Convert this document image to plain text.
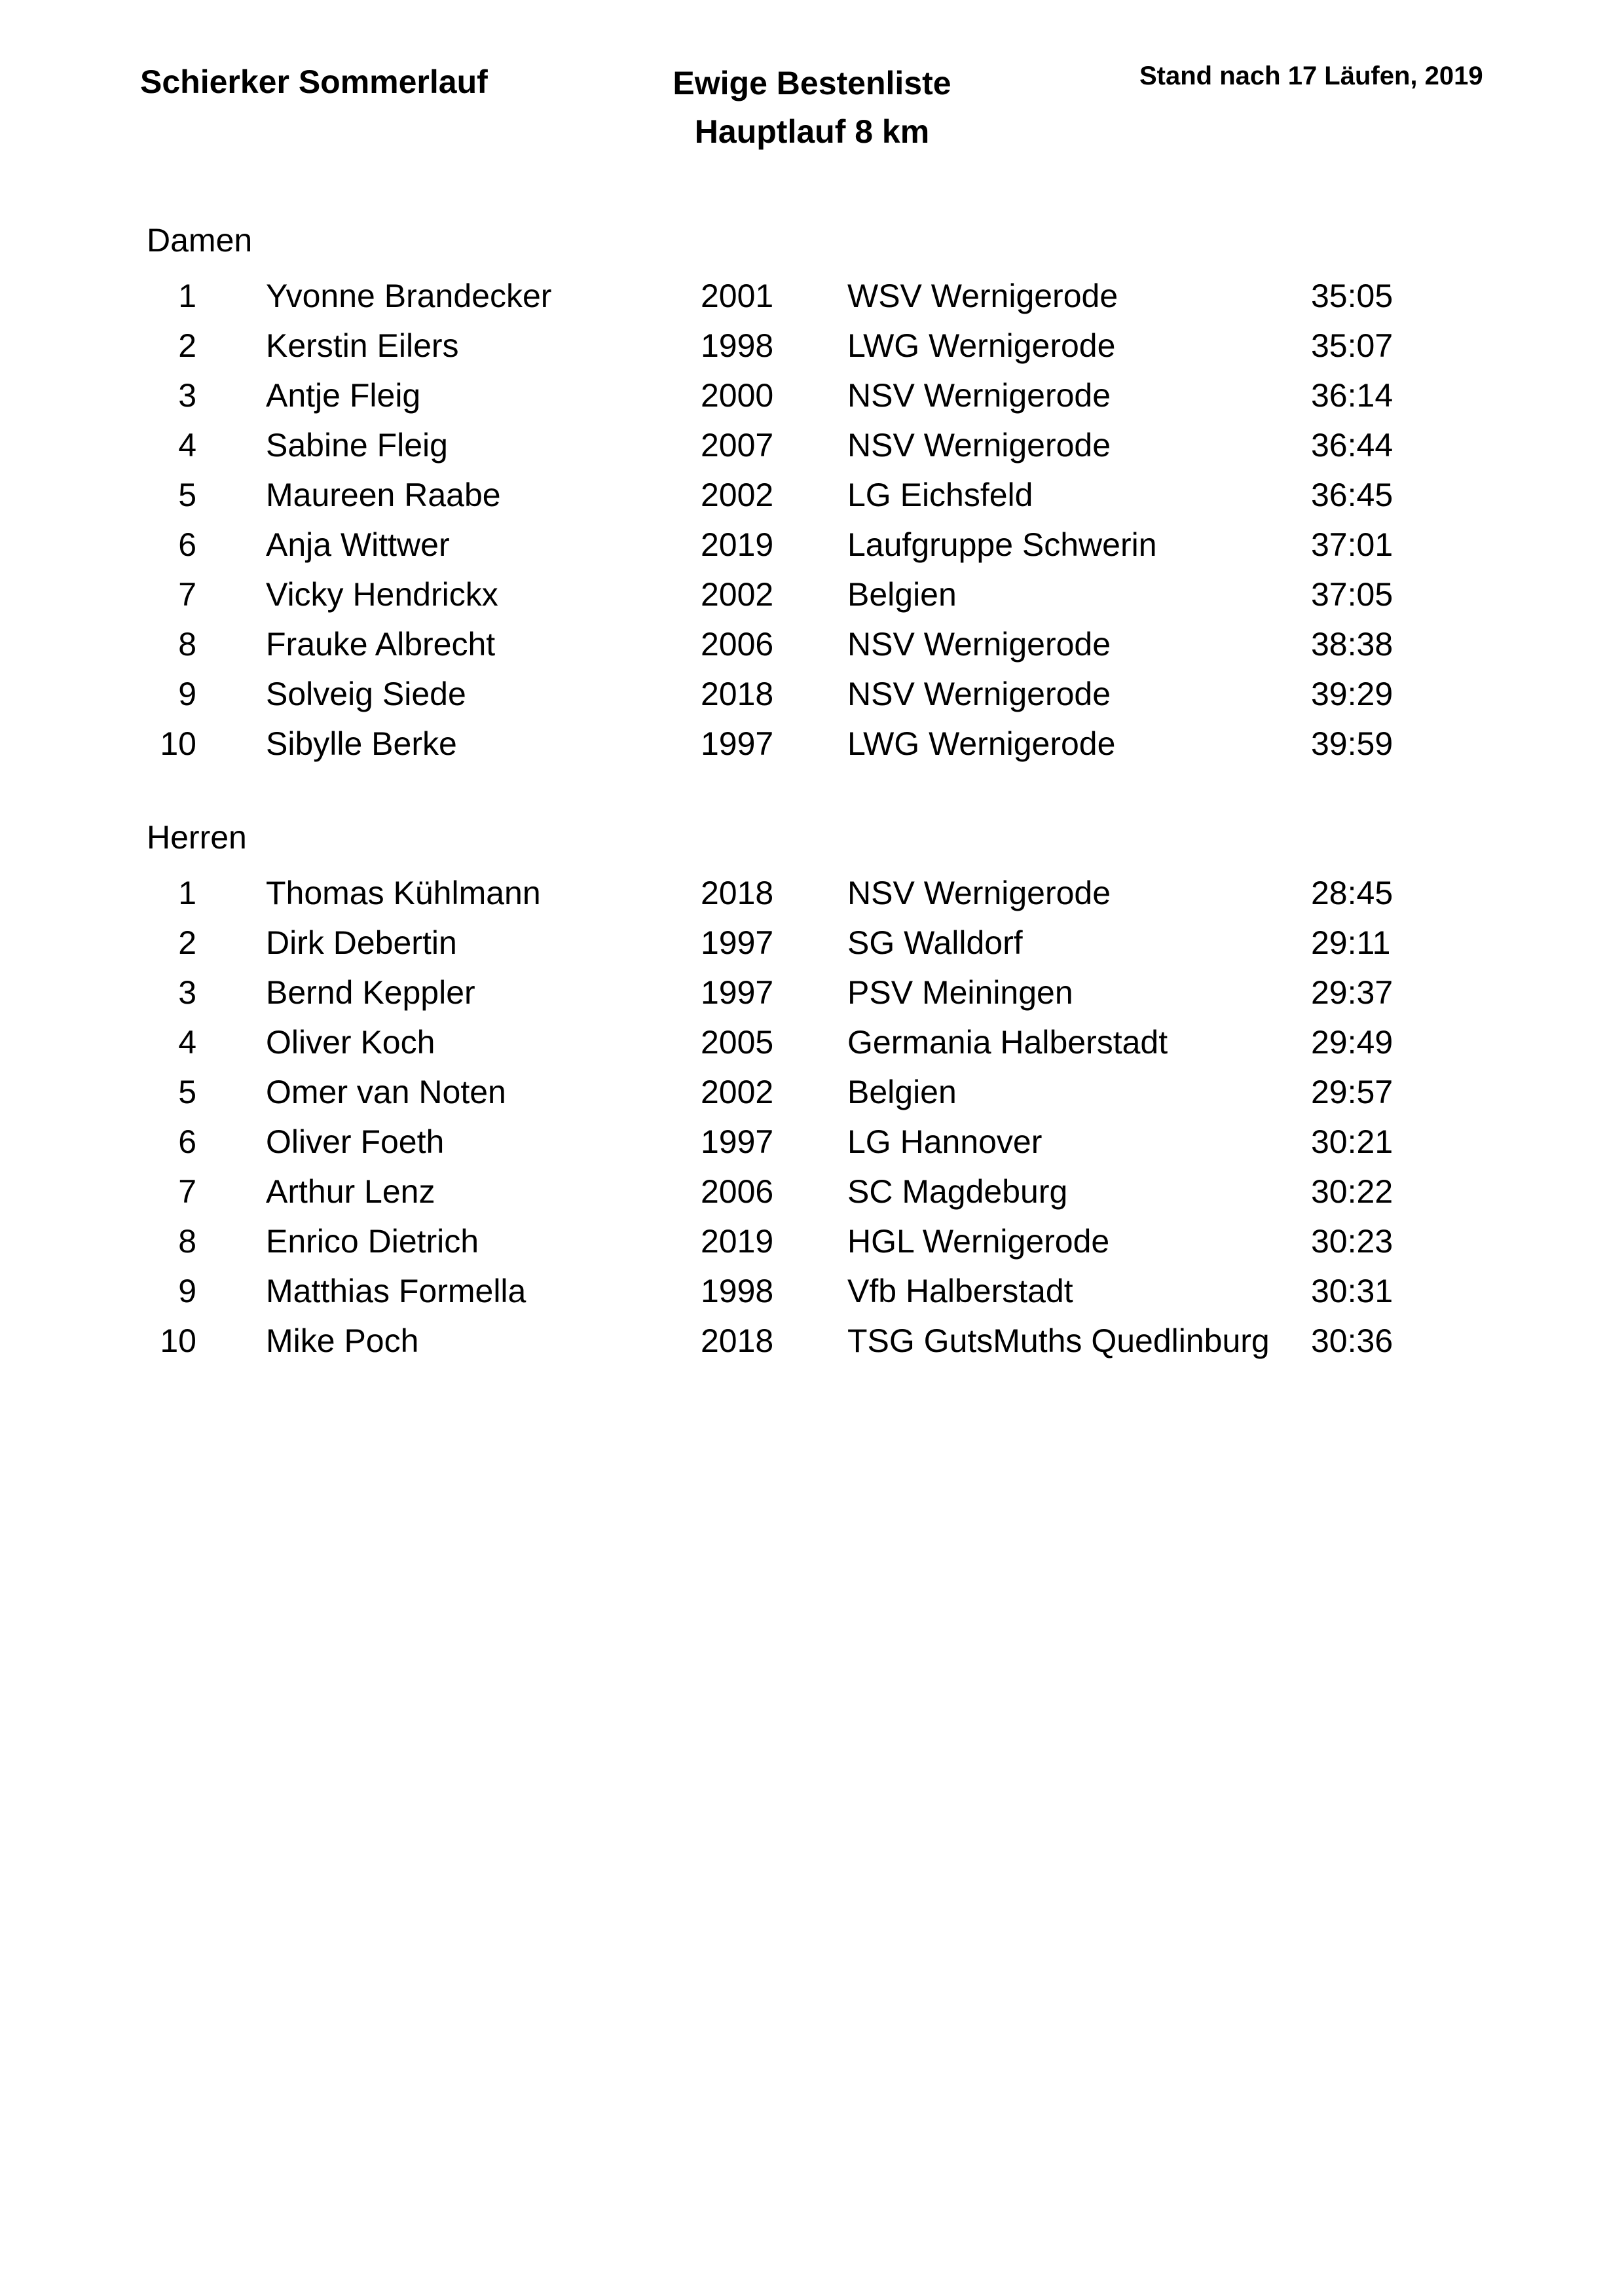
Schierker Sommerlauf	Ewige Bestenliste
Hauptlauf 8 km
Stand nach 17 Läufen, 2019
Damen
1 Yvonne Brandecker	2001 WSV Wernigerode	35:05
2 Kerstin Eilers	1998 LWG Wernigerode	35:07
3 Antje Fleig	2000 NSV Wernigerode	36:14
4 Sabine Fleig	2007 NSV Wernigerode	36:44
5 Maureen Raabe	2002 LG Eichsfeld	36:45
6 Anja Wittwer	2019 Laufgruppe Schwerin	37:01
7 Vicky Hendrickx	2002 Belgien	37:05
8 Frauke Albrecht	2006 NSV Wernigerode	38:38
9 Solveig Siede	2018 NSV Wernigerode	39:29
10 Sibylle Berke	1997 LWG Wernigerode	39:59
Herren
1 Thomas Kühlmann	2018 NSV Wernigerode	28:45
2 Dirk Debertin	1997 SG Walldorf	29:11
3 Bernd Keppler	1997 PSV Meiningen	29:37
4 Oliver Koch	2005 Germania Halberstadt	29:49
5 Omer van Noten	2002 Belgien	29:57
6 Oliver Foeth	1997 LG Hannover	30:21
7 Arthur Lenz	2006 SC Magdeburg	30:22
8 Enrico Dietrich	2019 HGL Wernigerode	30:23
9 Matthias Formella	1998 Vfb Halberstadt	30:31
10 Mike Poch	2018 TSG GutsMuths Quedlinburg 30:36
